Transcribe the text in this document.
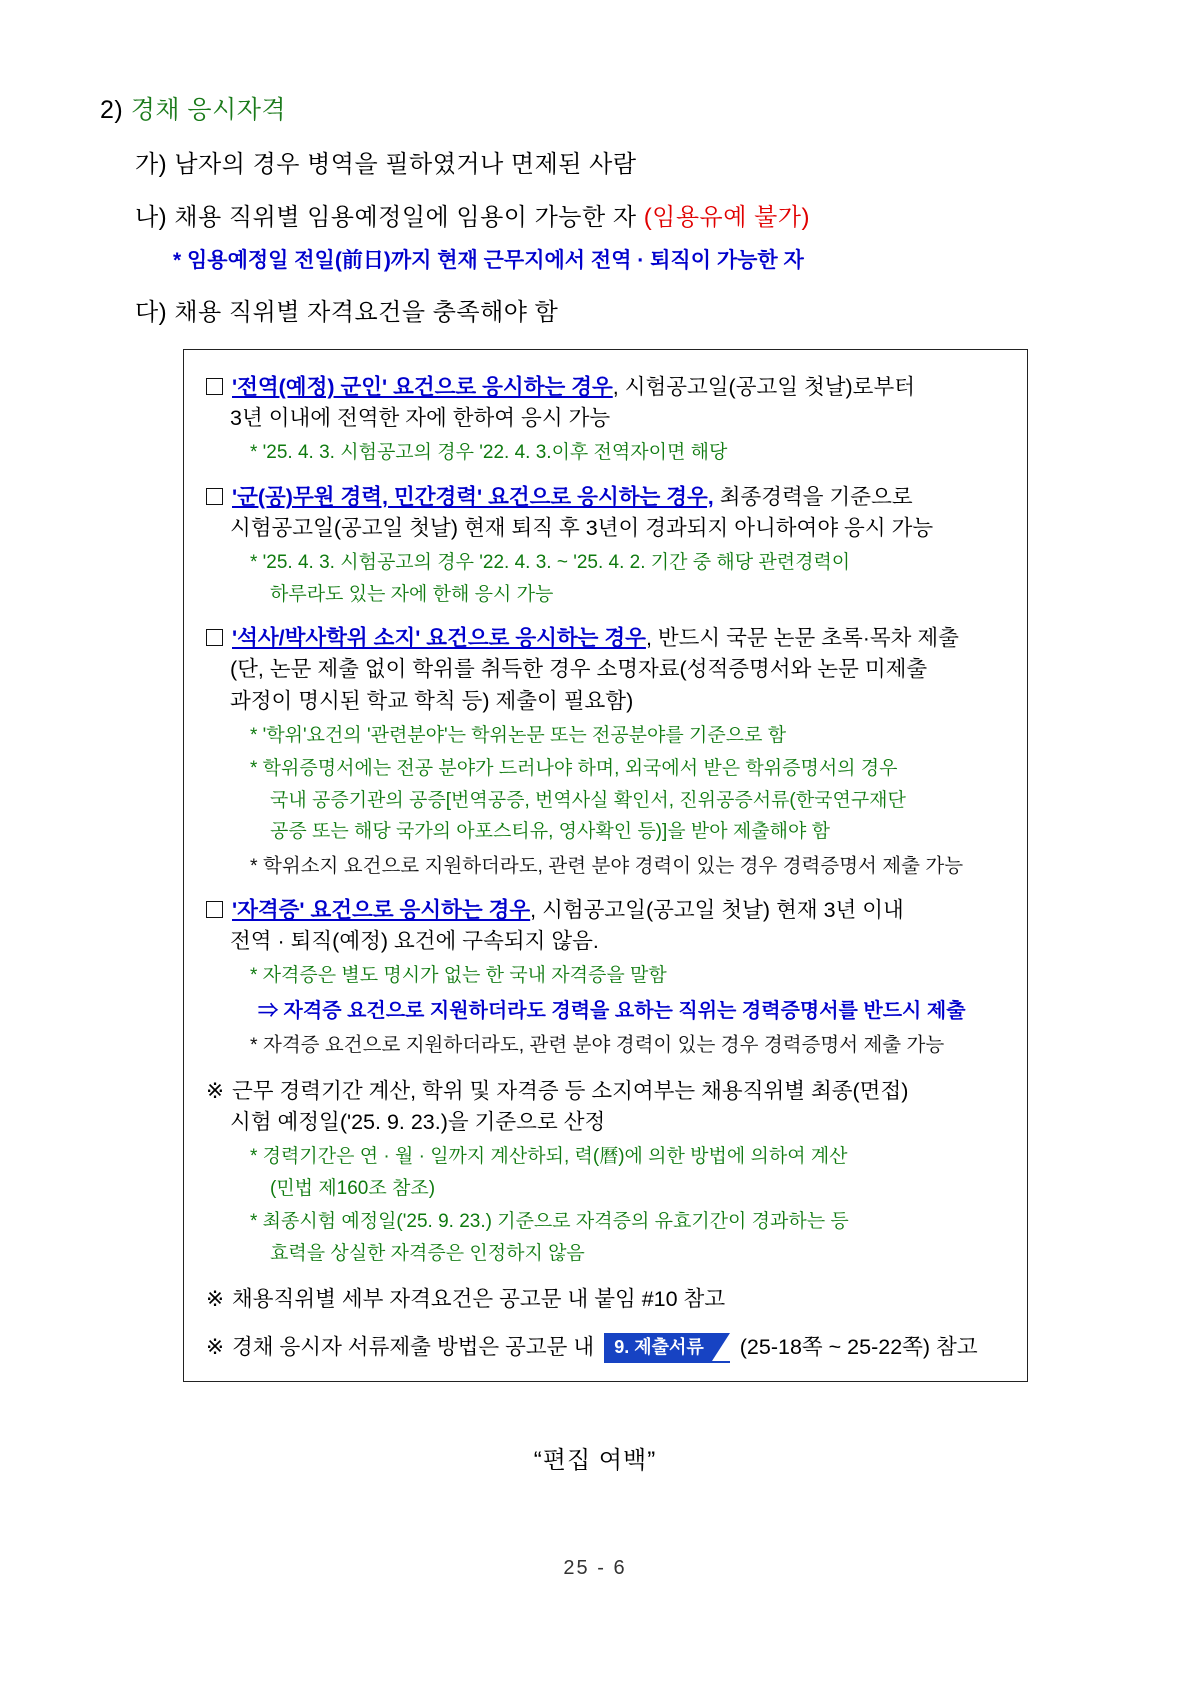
2) 경채 응시자격
가) 남자의 경우 병역을 필하였거나 면제된 사람
나) 채용 직위별 임용예정일에 임용이 가능한 자 (임용유예 불가)
* 임용예정일 전일(前日)까지 현재 근무지에서 전역 · 퇴직이 가능한 자
다) 채용 직위별 자격요건을 충족해야 함
'전역(예정) 군인' 요건으로 응시하는 경우, 시험공고일(공고일 첫날)로부터
3년 이내에 전역한 자에 한하여 응시 가능
* '25. 4. 3. 시험공고의 경우 '22. 4. 3.이후 전역자이면 해당
'군(공)무원 경력, 민간경력' 요건으로 응시하는 경우, 최종경력을 기준으로
시험공고일(공고일 첫날) 현재 퇴직 후 3년이 경과되지 아니하여야 응시 가능
* '25. 4. 3. 시험공고의 경우 '22. 4. 3. ~ '25. 4. 2. 기간 중 해당 관련경력이
하루라도 있는 자에 한해 응시 가능
'석사/박사학위 소지' 요건으로 응시하는 경우, 반드시 국문 논문 초록·목차 제출
(단, 논문 제출 없이 학위를 취득한 경우 소명자료(성적증명서와 논문 미제출
과정이 명시된 학교 학칙 등) 제출이 필요함)
* '학위'요건의 '관련분야'는 학위논문 또는 전공분야를 기준으로 함
* 학위증명서에는 전공 분야가 드러나야 하며, 외국에서 받은 학위증명서의 경우
국내 공증기관의 공증[번역공증, 번역사실 확인서, 진위공증서류(한국연구재단
공증 또는 해당 국가의 아포스티유, 영사확인 등)]을 받아 제출해야 함
* 학위소지 요건으로 지원하더라도, 관련 분야 경력이 있는 경우 경력증명서 제출 가능
'자격증' 요건으로 응시하는 경우, 시험공고일(공고일 첫날) 현재 3년 이내
전역 · 퇴직(예정) 요건에 구속되지 않음.
* 자격증은 별도 명시가 없는 한 국내 자격증을 말함
⇒ 자격증 요건으로 지원하더라도 경력을 요하는 직위는 경력증명서를 반드시 제출
* 자격증 요건으로 지원하더라도, 관련 분야 경력이 있는 경우 경력증명서 제출 가능
※ 근무 경력기간 계산, 학위 및 자격증 등 소지여부는 채용직위별 최종(면접)
시험 예정일('25. 9. 23.)을 기준으로 산정
* 경력기간은 연 · 월 · 일까지 계산하되, 력(曆)에 의한 방법에 의하여 계산
(민법 제160조 참조)
* 최종시험 예정일('25. 9. 23.) 기준으로 자격증의 유효기간이 경과하는 등
효력을 상실한 자격증은 인정하지 않음
※ 채용직위별 세부 자격요건은 공고문 내 붙임 #10 참고
※ 경채 응시자 서류제출 방법은 공고문 내 9. 제출서류 (25-18쪽 ~ 25-22쪽) 참고
“편집 여백”
25 - 6
